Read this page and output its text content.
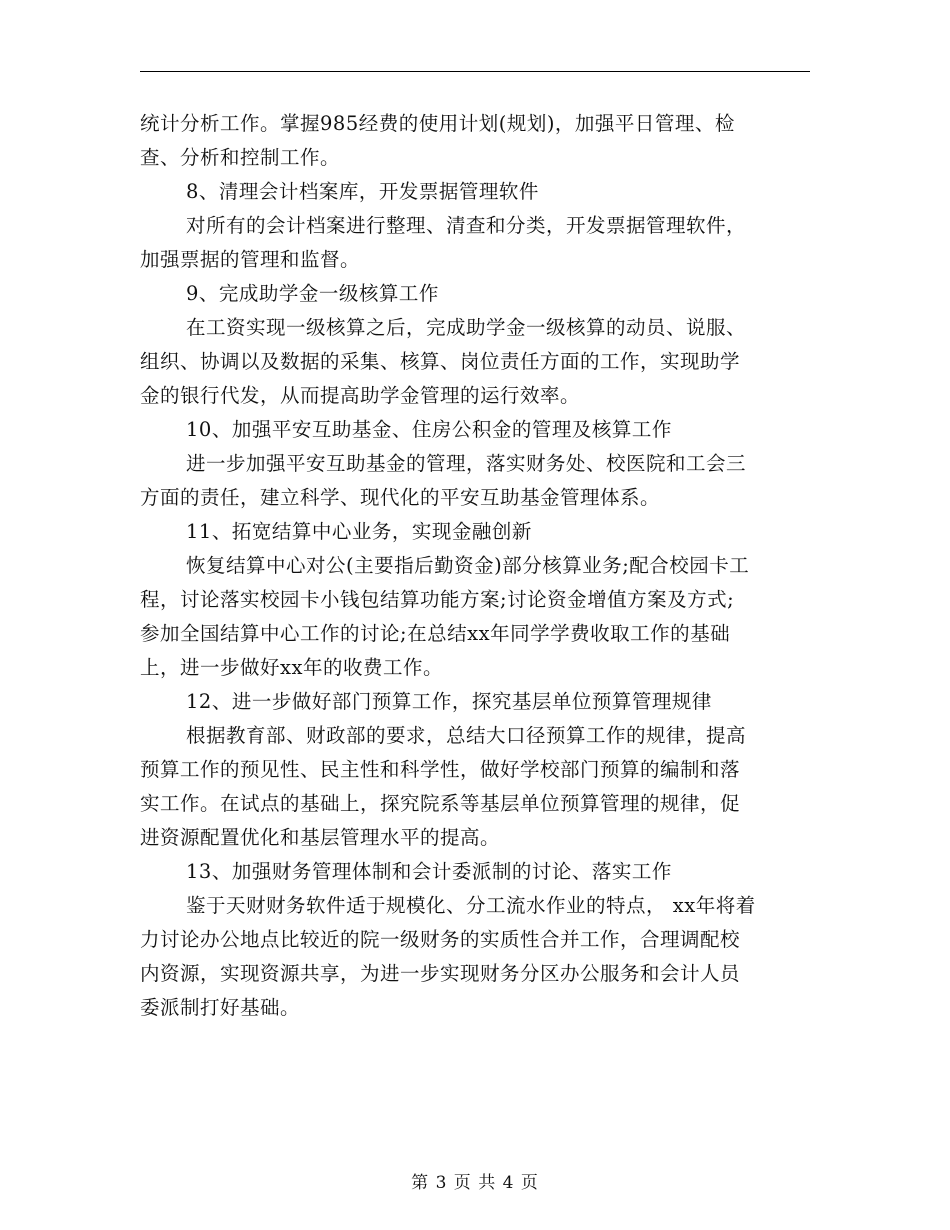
统计分析工作。掌握985经费的使用计划(规划)，加强平日管理、检
查、分析和控制工作。
8、清理会计档案库，开发票据管理软件
对所有的会计档案进行整理、清查和分类，开发票据管理软件，
加强票据的管理和监督。
9、完成助学金一级核算工作
在工资实现一级核算之后，完成助学金一级核算的动员、说服、
组织、协调以及数据的采集、核算、岗位责任方面的工作，实现助学
金的银行代发，从而提高助学金管理的运行效率。
10、加强平安互助基金、住房公积金的管理及核算工作
进一步加强平安互助基金的管理，落实财务处、校医院和工会三
方面的责任，建立科学、现代化的平安互助基金管理体系。
11、拓宽结算中心业务，实现金融创新
恢复结算中心对公(主要指后勤资金)部分核算业务;配合校园卡工
程，讨论落实校园卡小钱包结算功能方案;讨论资金增值方案及方式;
参加全国结算中心工作的讨论;在总结xx年同学学费收取工作的基础
上，进一步做好xx年的收费工作。
12、进一步做好部门预算工作，探究基层单位预算管理规律
根据教育部、财政部的要求，总结大口径预算工作的规律，提高
预算工作的预见性、民主性和科学性，做好学校部门预算的编制和落
实工作。在试点的基础上，探究院系等基层单位预算管理的规律，促
进资源配置优化和基层管理水平的提高。
13、加强财务管理体制和会计委派制的讨论、落实工作
鉴于天财财务软件适于规模化、分工流水作业的特点， xx年将着
力讨论办公地点比较近的院一级财务的实质性合并工作，合理调配校
内资源，实现资源共享，为进一步实现财务分区办公服务和会计人员
委派制打好基础。
第 3 页 共 4 页
